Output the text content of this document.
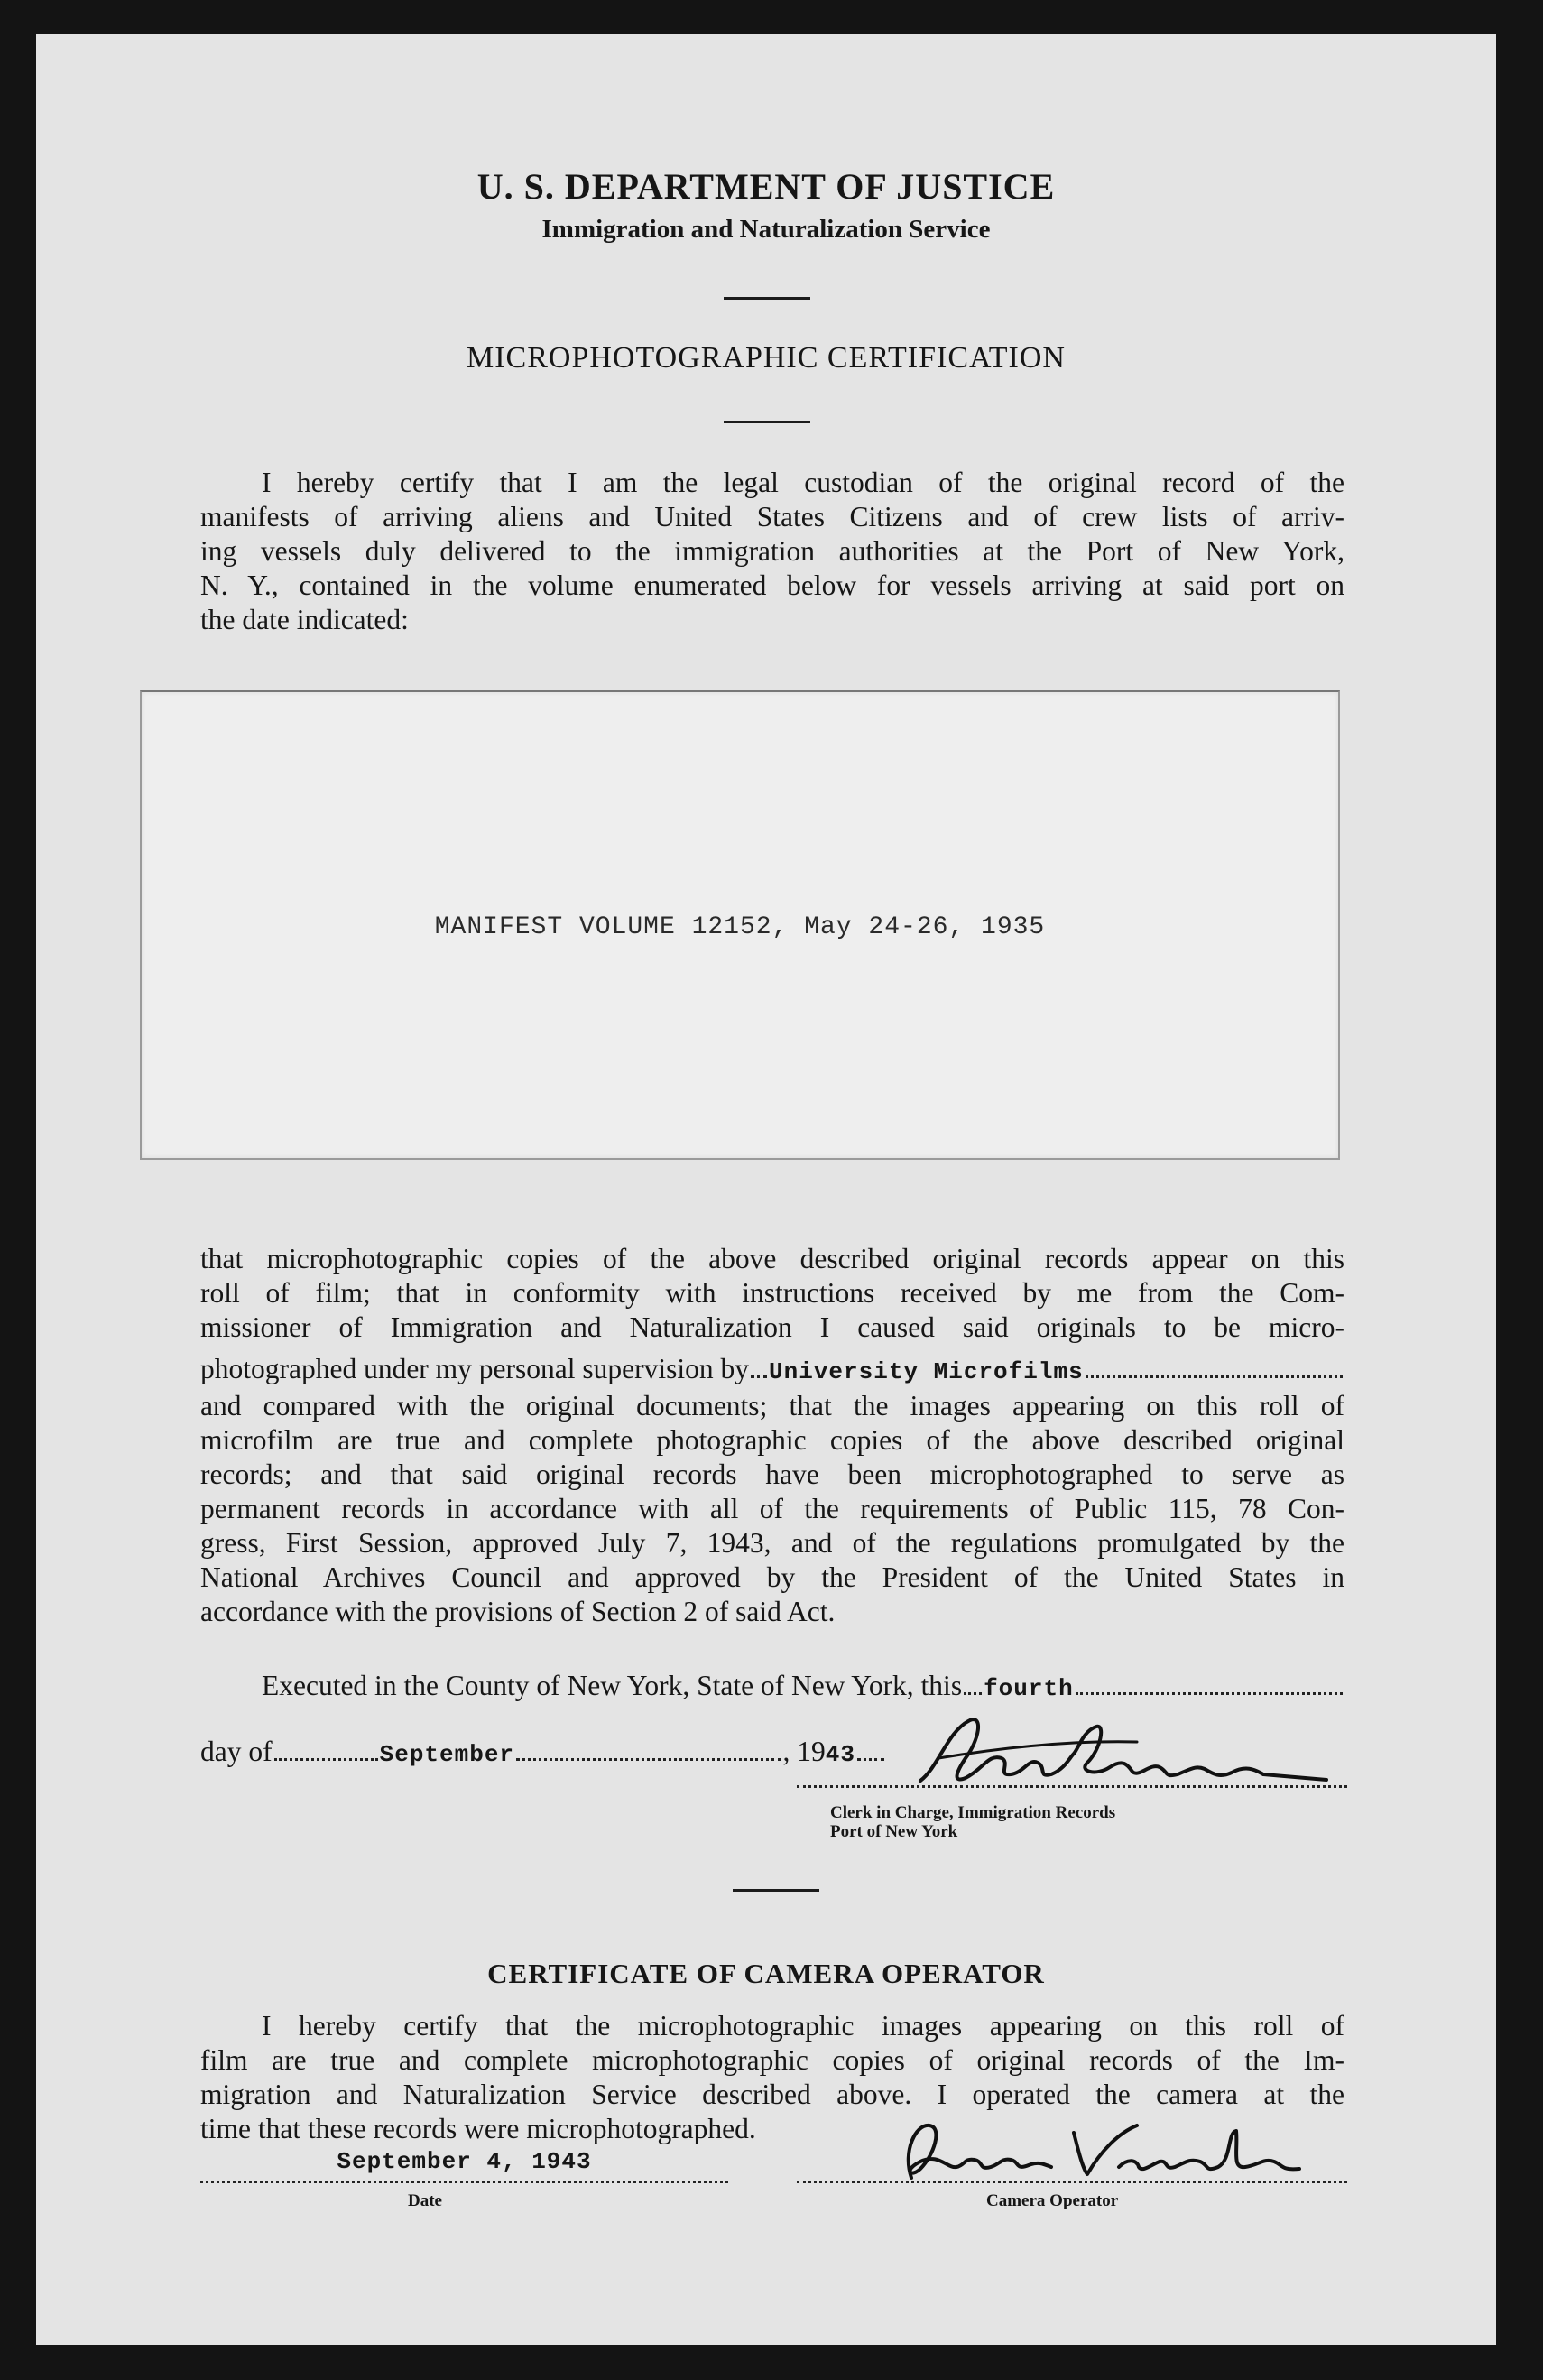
U. S. DEPARTMENT OF JUSTICE
Immigration and Naturalization Service
MICROPHOTOGRAPHIC CERTIFICATION
I hereby certify that I am the legal custodian of the original record of the
manifests of arriving aliens and United States Citizens and of crew lists of arriv-
ing vessels duly delivered to the immigration authorities at the Port of New York,
N. Y., contained in the volume enumerated below for vessels arriving at said port on
the date indicated:
MANIFEST VOLUME 12152, May 24-26, 1935
that microphotographic copies of the above described original records appear on this
roll of film; that in conformity with instructions received by me from the Com-
missioner of Immigration and Naturalization I caused said originals to be micro-
photographed under my personal supervision by University Microfilms
and compared with the original documents; that the images appearing on this roll of
microfilm are true and complete photographic copies of the above described original
records; and that said original records have been microphotographed to serve as
permanent records in accordance with all of the requirements of Public 115, 78 Con-
gress, First Session, approved July 7, 1943, and of the regulations promulgated by the
National Archives Council and approved by the President of the United States in
accordance with the provisions of Section 2 of said Act.
Executed in the County of New York, State of New York, this fourth
day of	September	, 19 43
Clerk in Charge, Immigration Records
Port of New York
CERTIFICATE OF CAMERA OPERATOR
I hereby certify that the microphotographic images appearing on this roll of
film are true and complete microphotographic copies of original records of the Im-
migration and Naturalization Service described above. I operated the camera at the
time that these records were microphotographed.
September 4, 1943
Date	Camera Operator
